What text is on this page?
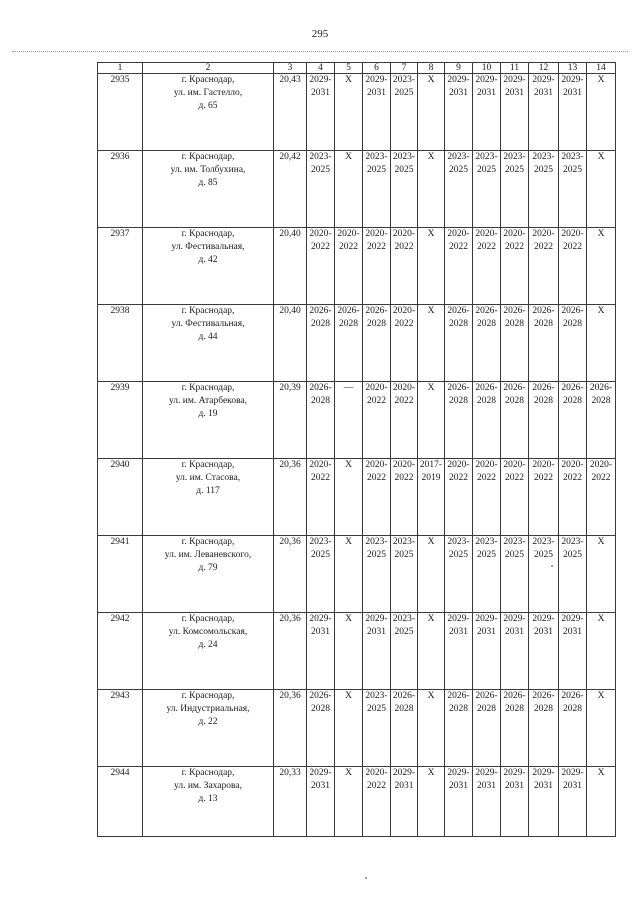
295
1	2	3	4	5	6	7	8	9	10	11	12	13	14
2935	г. Краснодар,
ул. им. Гастелло,
д. 65	20,43	2029-
2031	X	2029-
2031	2023-
2025	X	2029-
2031	2029-
2031	2029-
2031	2029-
2031	2029-
2031	X
2936	г. Краснодар,
ул. им. Толбухина,
д. 85	20,42	2023-
2025	X	2023-
2025	2023-
2025	X	2023-
2025	2023-
2025	2023-
2025	2023-
2025	2023-
2025	X
2937	г. Краснодар,
ул. Фестивальная,
д. 42	20,40	2020-
2022	2020-
2022	2020-
2022	2020-
2022	X	2020-
2022	2020-
2022	2020-
2022	2020-
2022	2020-
2022	X
2938	г. Краснодар,
ул. Фестивальная,
д. 44	20,40	2026-
2028	2026-
2028	2026-
2028	2020-
2022	X	2026-
2028	2026-
2028	2026-
2028	2026-
2028	2026-
2028	X
2939	г. Краснодар,
ул. им. Атарбекова,
д. 19	20,39	2026-
2028	—	2020-
2022	2020-
2022	X	2026-
2028	2026-
2028	2026-
2028	2026-
2028	2026-
2028	2026-
2028

2940	г. Краснодар,
ул. им. Стасова,
д. 117	20,36	2020-
2022	X	2020-
2022	2020-
2022	2017-
2019	2020-
2022	2020-
2022	2020-
2022	2020-
2022	2020-
2022	2020-
2022

2941	г. Краснодар,
ул. им. Леваневского,
д. 79	20,36	2023-
2025	X	2023-
2025	2023-
2025	X	2023-
2025	2023-
2025	2023-
2025	2023-
2025	2023-
2025	X
2942	г. Краснодар,
ул. Комсомольская,
д. 24	20,36	2029-
2031	X	2029-
2031	2023-
2025	X	2029-
2031	2029-
2031	2029-
2031	2029-
2031	2029-
2031	X
2943	г. Краснодар,
ул. Индустриальная,
д. 22	20,36	2026-
2028	X	2023-
2025	2026-
2028	X	2026-
2028	2026-
2028	2026-
2028	2026-
2028	2026-
2028	X
2944	г. Краснодар,
ул. им. Захарова,
д. 13	20,33	2029-
2031	X	2020-
2022	2029-
2031	X	2029-
2031	2029-
2031	2029-
2031	2029-
2031	2029-
2031	X
